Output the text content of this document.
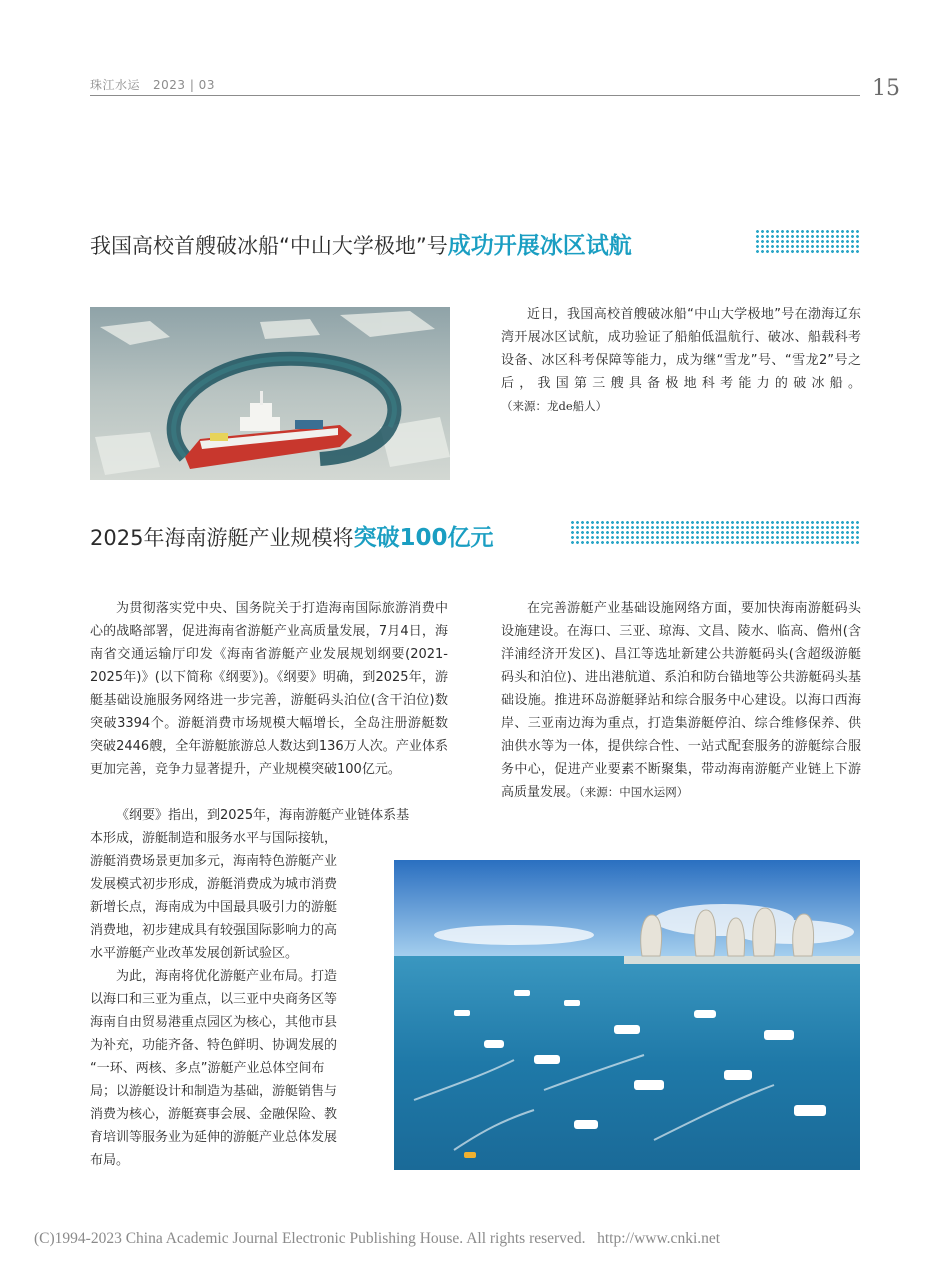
珠江水运 2023 | 03	15
我国高校首艘破冰船“中山大学极地”号成功开展冰区试航

近日，我国高校首艘破冰船“中山大学极地”号在渤海辽东湾开展冰区试航，成功验证了船舶低温航行、破冰、船载科考设备、冰区科考保障等能力，成为继“雪龙”号、“雪龙2”号之后，我国第三艘具备极地科考能力的破冰船。（来源：龙de船人）

2025年海南游艇产业规模将突破100亿元

为贯彻落实党中央、国务院关于打造海南国际旅游消费中心的战略部署，促进海南省游艇产业高质量发展，7月4日，海南省交通运输厅印发《海南省游艇产业发展规划纲要(2021-2025年)》(以下简称《纲要》)。《纲要》明确，到2025年，游艇基础设施服务网络进一步完善，游艇码头泊位(含干泊位)数突破3394个。游艇消费市场规模大幅增长，全岛注册游艇数突破2446艘，全年游艇旅游总人数达到136万人次。产业体系更加完善，竞争力显著提升，产业规模突破100亿元。

《纲要》指出，到2025年，海南游艇产业链体系基
本形成，游艇制造和服务水平与国际接轨，
游艇消费场景更加多元，海南特色游艇产业
发展模式初步形成，游艇消费成为城市消费
新增长点，海南成为中国最具吸引力的游艇
消费地，初步建成具有较强国际影响力的高
水平游艇产业改革发展创新试验区。
为此，海南将优化游艇产业布局。打造
以海口和三亚为重点，以三亚中央商务区等
海南自由贸易港重点园区为核心，其他市县
为补充，功能齐备、特色鲜明、协调发展的
“一环、两核、多点”游艇产业总体空间布
局；以游艇设计和制造为基础，游艇销售与
消费为核心，游艇赛事会展、金融保险、教
育培训等服务业为延伸的游艇产业总体发展
布局。

在完善游艇产业基础设施网络方面，要加快海南游艇码头设施建设。在海口、三亚、琼海、文昌、陵水、临高、儋州(含洋浦经济开发区)、昌江等选址新建公共游艇码头(含超级游艇码头和泊位)、进出港航道、系泊和防台锚地等公共游艇码头基础设施。推进环岛游艇驿站和综合服务中心建设。以海口西海岸、三亚南边海为重点，打造集游艇停泊、综合维修保养、供油供水等为一体，提供综合性、一站式配套服务的游艇综合服务中心，促进产业要素不断聚集，带动海南游艇产业链上下游高质量发展。（来源：中国水运网）

(C)1994-2023 China Academic Journal Electronic Publishing House. All rights reserved. http://www.cnki.net
